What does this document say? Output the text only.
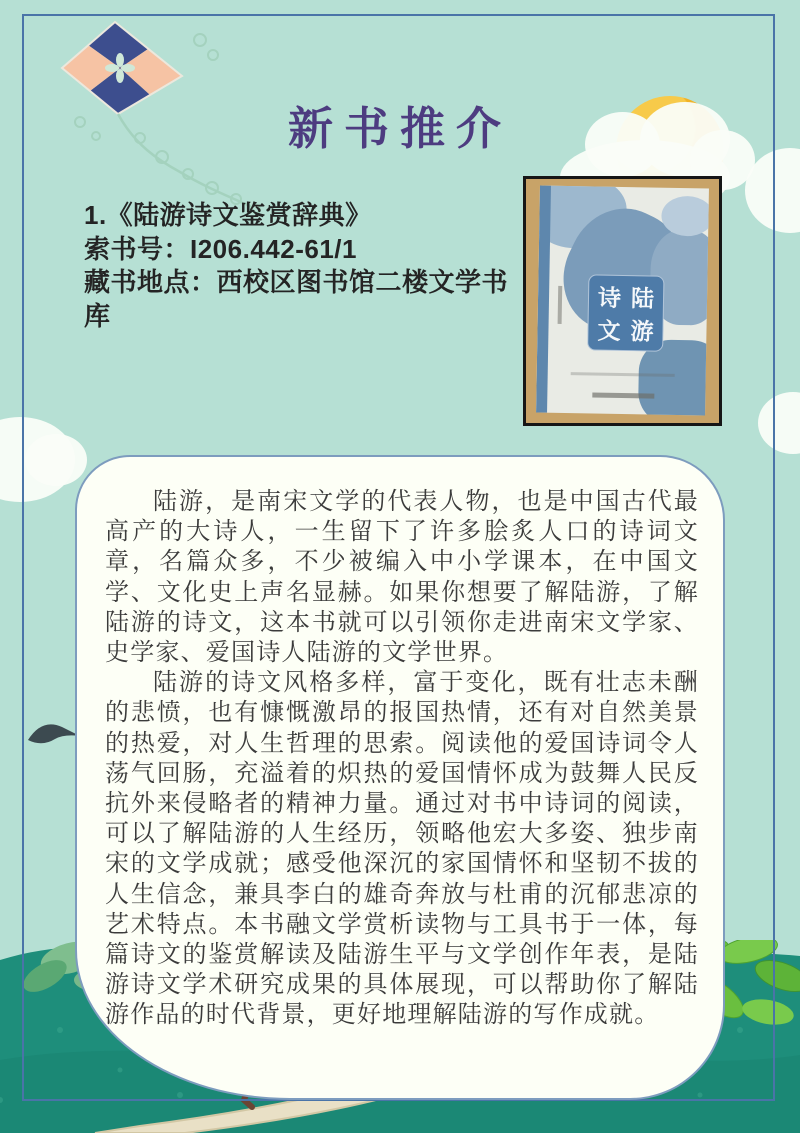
新书推介
1.《陆游诗文鉴赏辞典》
索书号：I206.442-61/1
藏书地点：西校区图书馆二楼文学书库
诗 陆
文 游

陆游，是南宋文学的代表人物，也是中国古代最高产的大诗人，一生留下了许多脍炙人口的诗词文章，名篇众多，不少被编入中小学课本，在中国文学、文化史上声名显赫。如果你想要了解陆游，了解陆游的诗文，这本书就可以引领你走进南宋文学家、史学家、爱国诗人陆游的文学世界。

陆游的诗文风格多样，富于变化，既有壮志未酬的悲愤，也有慷慨激昂的报国热情，还有对自然美景的热爱，对人生哲理的思索。阅读他的爱国诗词令人荡气回肠，充溢着的炽热的爱国情怀成为鼓舞人民反抗外来侵略者的精神力量。通过对书中诗词的阅读，可以了解陆游的人生经历，领略他宏大多姿、独步南宋的文学成就；感受他深沉的家国情怀和坚韧不拔的人生信念，兼具李白的雄奇奔放与杜甫的沉郁悲凉的艺术特点。本书融文学赏析读物与工具书于一体，每篇诗文的鉴赏解读及陆游生平与文学创作年表，是陆游诗文学术研究成果的具体展现，可以帮助你了解陆游作品的时代背景，更好地理解陆游的写作成就。
